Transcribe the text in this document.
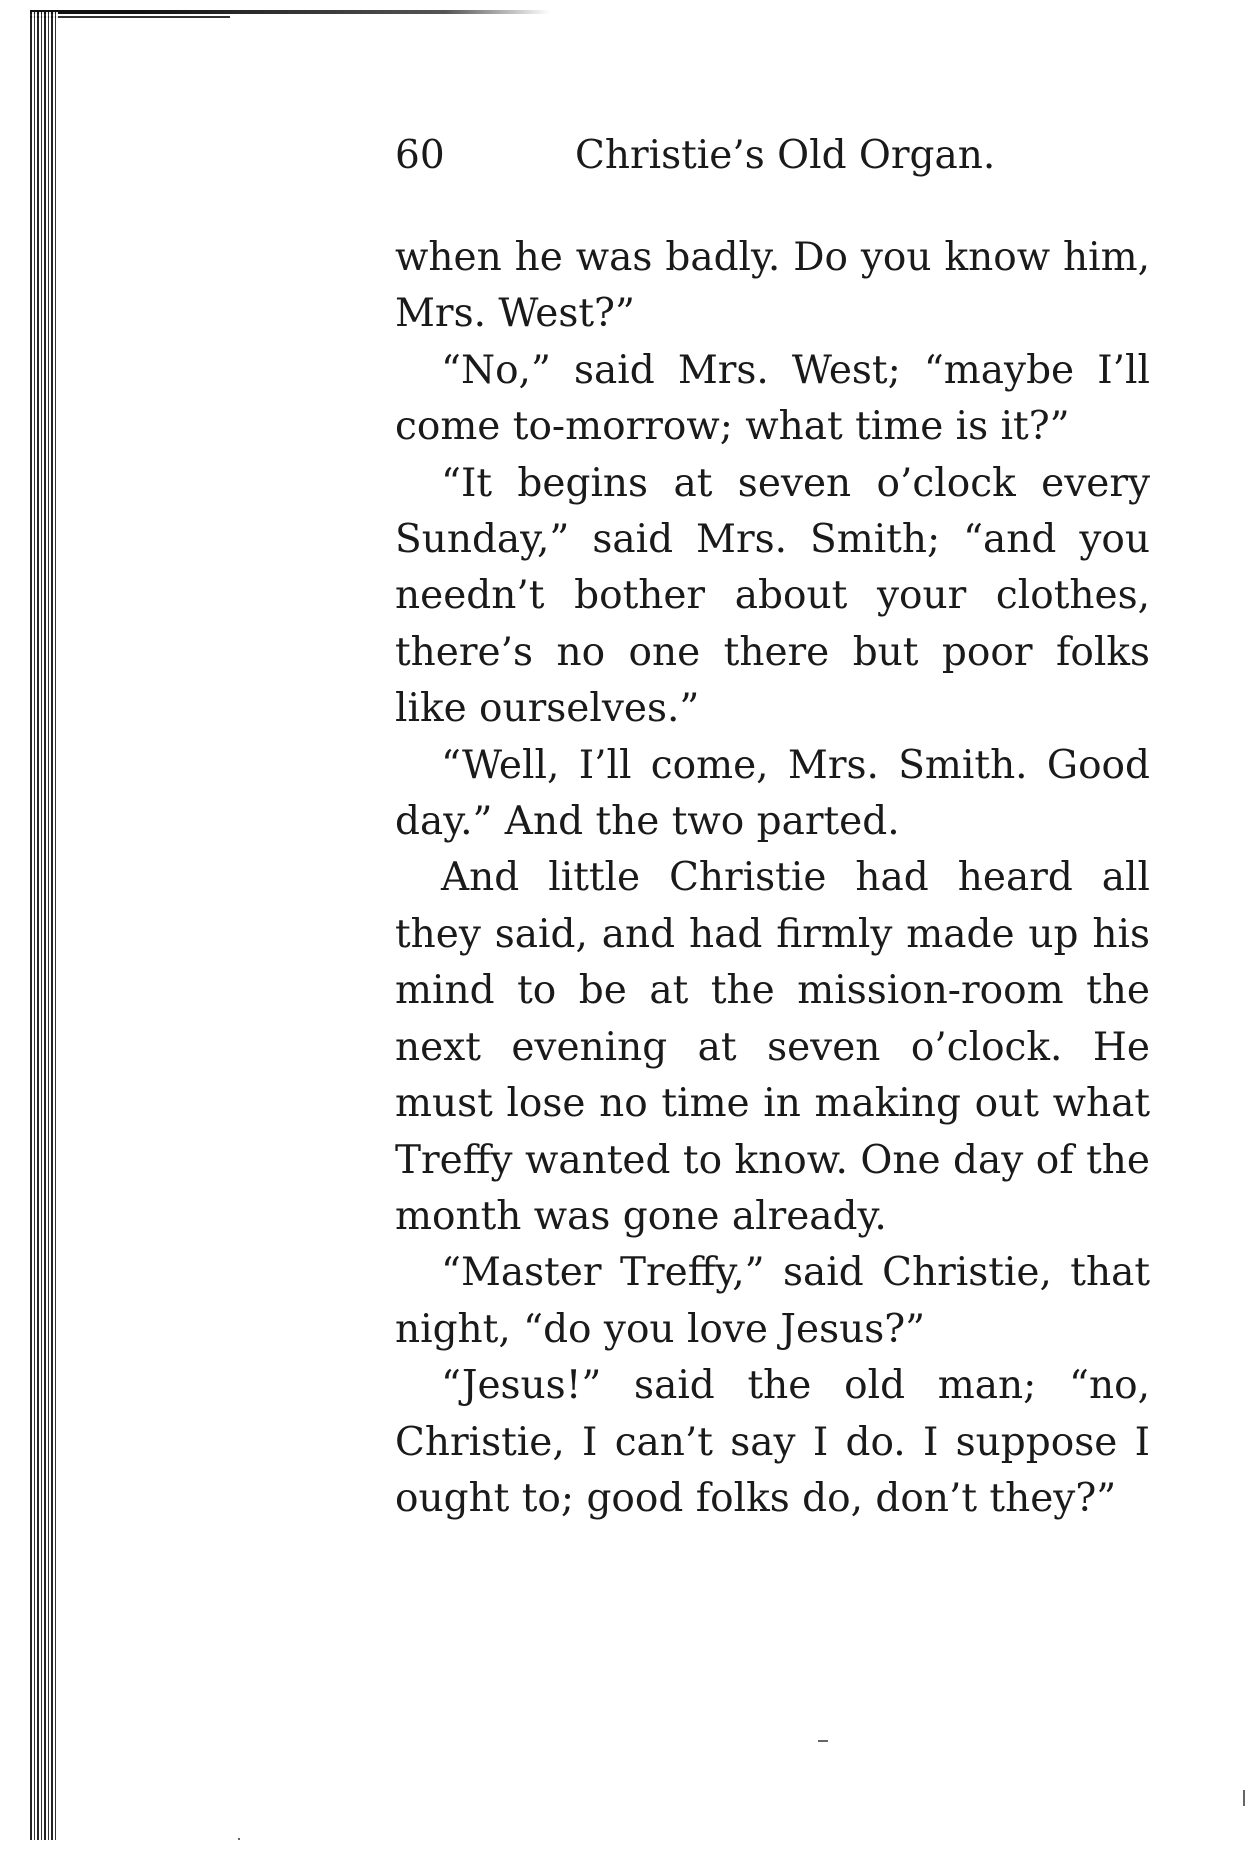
60	Christie’s Old Organ.

when he was badly. Do you know him, Mrs. West?”

“No,” said Mrs. West; “maybe I’ll come to-morrow; what time is it?”

“It begins at seven o’clock every Sunday,” said Mrs. Smith; “and you needn’t bother about your clothes, there’s no one there but poor folks like ourselves.”

“Well, I’ll come, Mrs. Smith. Good day.” And the two parted.

And little Christie had heard all they said, and had firmly made up his mind to be at the mission-room the next evening at seven o’clock. He must lose no time in making out what Treffy wanted to know. One day of the month was gone already.

“Master Treffy,” said Christie, that night, “do you love Jesus?”

“Jesus!” said the old man; “no, Christie, I can’t say I do. I suppose I ought to; good folks do, don’t they?”
